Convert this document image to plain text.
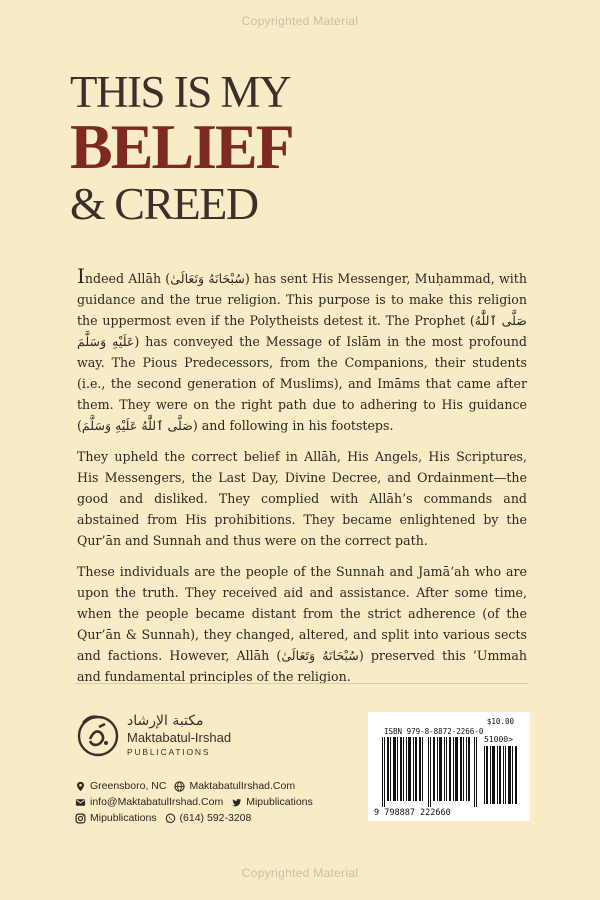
Copyrighted Material
THIS IS MY
BELIEF
& CREED

Indeed Allāh (سُبْحَانَهُ وَتَعَالَىٰ) has sent His Messenger, Muḥammad, with guidance and the true religion. This purpose is to make this religion the uppermost even if the Polytheists detest it. The Prophet (صَلَّى ٱللَّٰهُ عَلَيْهِ وَسَلَّمَ) has conveyed the Message of Islām in the most profound way. The Pious Predecessors, from the Companions, their students (i.e., the second generation of Muslims), and Imāms that came after them. They were on the right path due to adhering to His guidance (صَلَّى ٱللَّٰهُ عَلَيْهِ وَسَلَّمَ) and following in his footsteps.

They upheld the correct belief in Allāh, His Angels, His Scriptures, His Messengers, the Last Day, Divine Decree, and Ordainment—the good and disliked. They complied with Allāh’s commands and abstained from His prohibitions. They became enlightened by the Qur’ān and Sunnah and thus were on the correct path.

These individuals are the people of the Sunnah and Jamā‘ah who are upon the truth. They received aid and assistance. After some time, when the people became distant from the strict adherence (of the Qur’ān & Sunnah), they changed, altered, and split into various sects and factions. However, Allāh (سُبْحَانَهُ وَتَعَالَىٰ) preserved this ’Ummah and fundamental principles of the religion.

مكتبة الإرشاد
Maktabatul-Irshad
PUBLICATIONS
Greensboro, NC MaktabatulIrshad.Com
info@MaktabatulIrshad.Com Mipublications
Mipublications (614) 592-3208
$10.00
ISBN 979-8-8872-2266-0
51000>
9 798887 222660
Copyrighted Material
